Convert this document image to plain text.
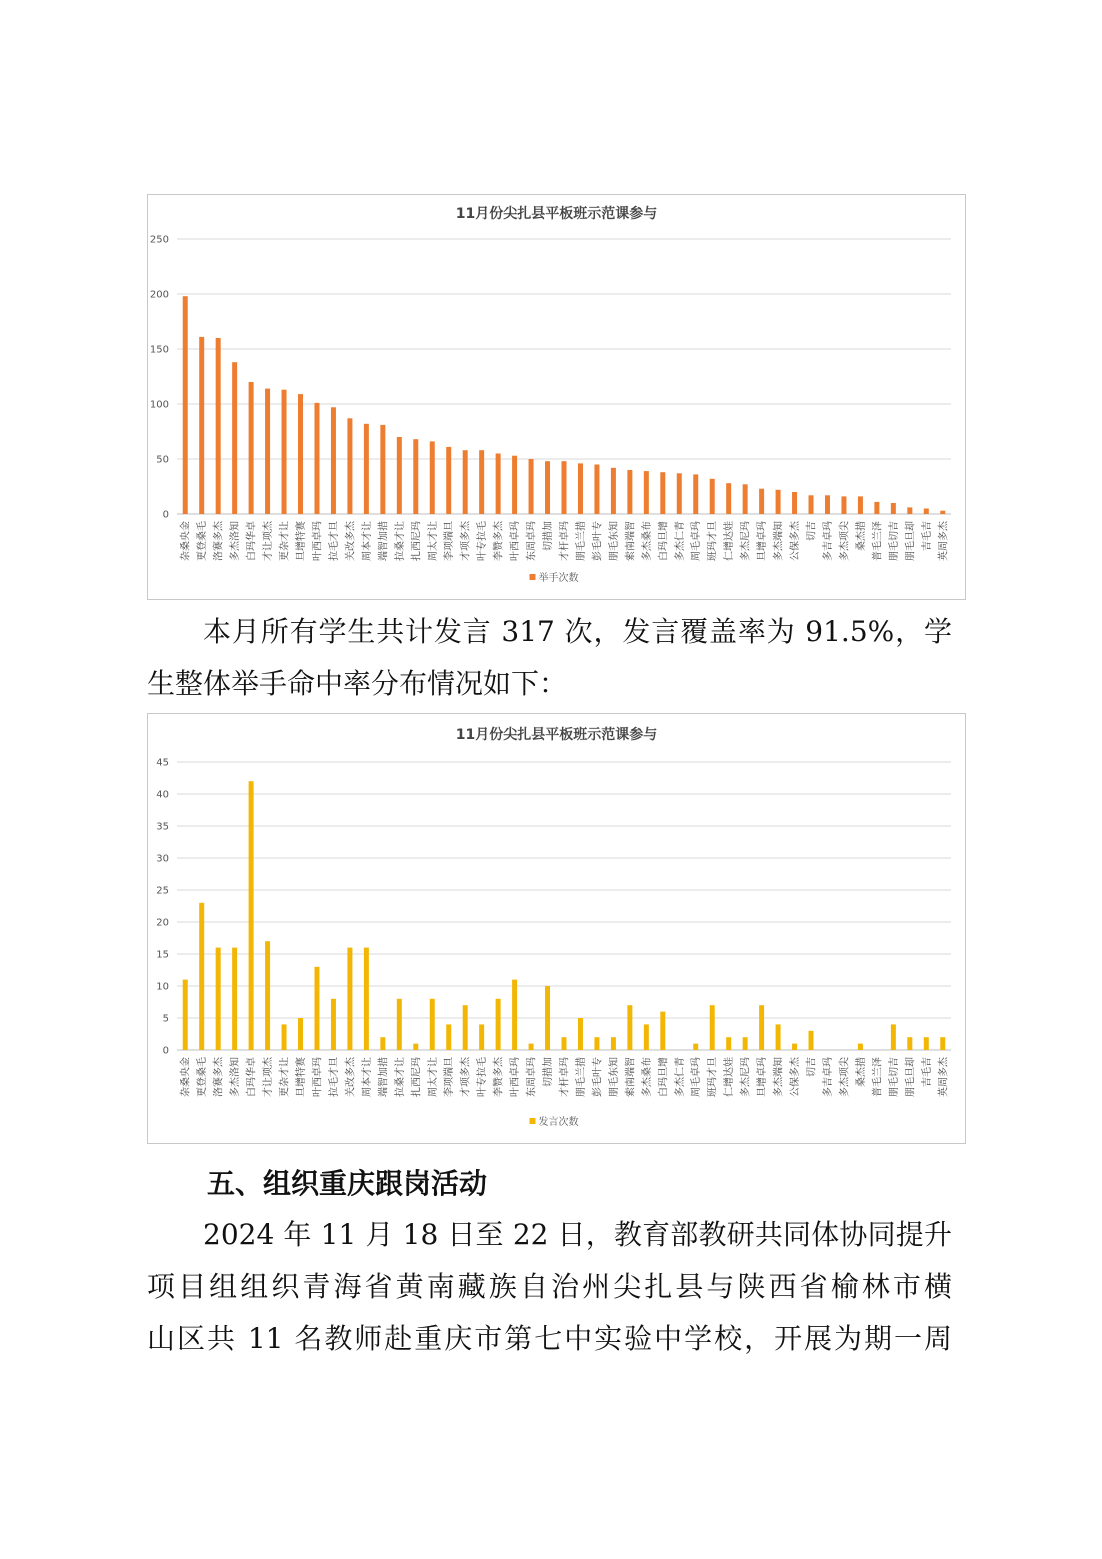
11月份尖扎县平板班示范课参与
0
50
100
150
200
250
杂桑央金 更登桑毛 洛赛多杰 多杰洛知 白玛华卓 才让项杰 更杂才让 旦增特赛 叶西卓玛 拉毛才旦 关改多杰 周本才让 端智加措 拉桑才让 扎西尼玛 周太才让 李项端旦 才项多杰 叶专拉毛 李赞多杰 叶西卓玛 东周卓玛 切措加 才杆卓玛 朋毛兰措 彭毛叶专 朋毛东知 索南端智 多杰桑布 白玛旦增 多杰仁青 周毛卓玛 班玛才旦 仁增达娃 多杰尼玛 旦增卓玛 多杰端知 公保多杰 切吉 多吉卓玛 多杰项尖 桑杰措 普毛兰泽 朋毛切吉 朋毛旦却 吉毛吉 英周多杰
举手次数

本月所有学生共计发言 317 次，发言覆盖率为 91.5%，学

生整体举手命中率分布情况如下：

11月份尖扎县平板班示范课参与
0
5
10
15
20
25
30
35
40
45
杂桑央金 更登桑毛 洛赛多杰 多杰洛知 白玛华卓 才让项杰 更杂才让 旦增特赛 叶西卓玛 拉毛才旦 关改多杰 周本才让 端智加措 拉桑才让 扎西尼玛 周太才让 李项端旦 才项多杰 叶专拉毛 李赞多杰 叶西卓玛 东周卓玛 切措加 才杆卓玛 朋毛兰措 彭毛叶专 朋毛东知 索南端智 多杰桑布 白玛旦增 多杰仁青 周毛卓玛 班玛才旦 仁增达娃 多杰尼玛 旦增卓玛 多杰端知 公保多杰 切吉 多吉卓玛 多杰项尖 桑杰措 普毛兰泽 朋毛切吉 朋毛旦却 吉毛吉 英周多杰
发言次数

五、组织重庆跟岗活动

2024 年 11 月 18 日至 22 日，教育部教研共同体协同提升

项目组组织青海省黄南藏族自治州尖扎县与陕西省榆林市横

山区共 11 名教师赴重庆市第七中实验中学校，开展为期一周
